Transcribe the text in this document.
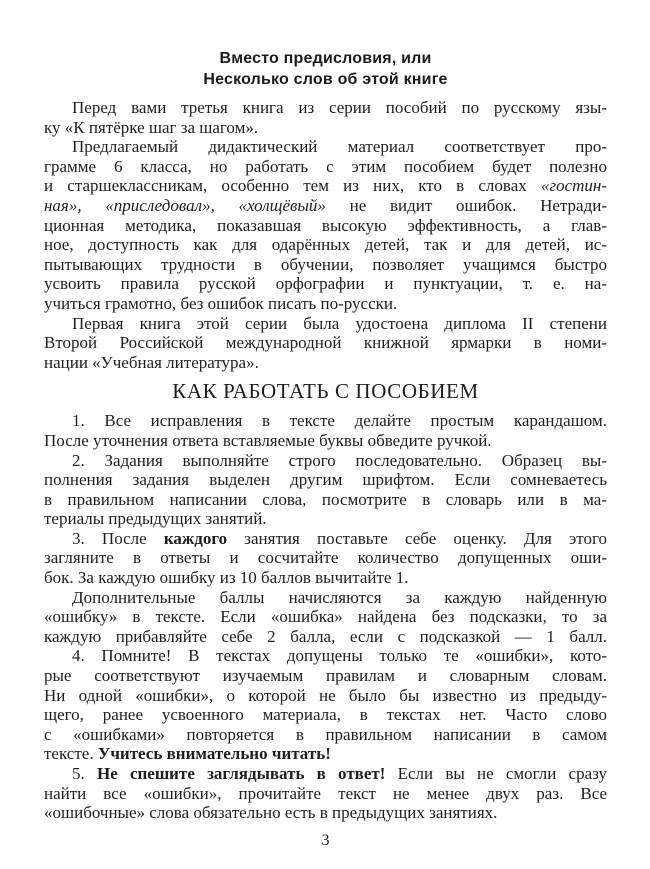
Вместо предисловия, или
Несколько слов об этой книге
Перед вами третья книга из серии пособий по русскому язы-
ку «К пятёрке шаг за шагом».
Предлагаемый дидактический материал соответствует про-
грамме 6 класса, но работать с этим пособием будет полезно
и старшеклассникам, особенно тем из них, кто в словах «гостин-
ная», «приследовал», «холщёвый» не видит ошибок. Нетради-
ционная методика, показавшая высокую эффективность, а глав-
ное, доступность как для одарённых детей, так и для детей, ис-
пытывающих трудности в обучении, позволяет учащимся быстро
усвоить правила русской орфографии и пунктуации, т. е. на-
учиться грамотно, без ошибок писать по-русски.
Первая книга этой серии была удостоена диплома II степени
Второй Российской международной книжной ярмарки в номи-
нации «Учебная литература».
КАК РАБОТАТЬ С ПОСОБИЕМ
1. Все исправления в тексте делайте простым карандашом.
После уточнения ответа вставляемые буквы обведите ручкой.
2. Задания выполняйте строго последовательно. Образец вы-
полнения задания выделен другим шрифтом. Если сомневаетесь
в правильном написании слова, посмотрите в словарь или в ма-
териалы предыдущих занятий.
3. После каждого занятия поставьте себе оценку. Для этого
загляните в ответы и сосчитайте количество допущенных оши-
бок. За каждую ошибку из 10 баллов вычитайте 1.
Дополнительные баллы начисляются за каждую найденную
«ошибку» в тексте. Если «ошибка» найдена без подсказки, то за
каждую прибавляйте себе 2 балла, если с подсказкой — 1 балл.
4. Помните! В текстах допущены только те «ошибки», кото-
рые соответствуют изучаемым правилам и словарным словам.
Ни одной «ошибки», о которой не было бы известно из предыду-
щего, ранее усвоенного материала, в текстах нет. Часто слово
с «ошибками» повторяется в правильном написании в самом
тексте. Учитесь внимательно читать!
5. Не спешите заглядывать в ответ! Если вы не смогли сразу
найти все «ошибки», прочитайте текст не менее двух раз. Все
«ошибочные» слова обязательно есть в предыдущих занятиях.
3
